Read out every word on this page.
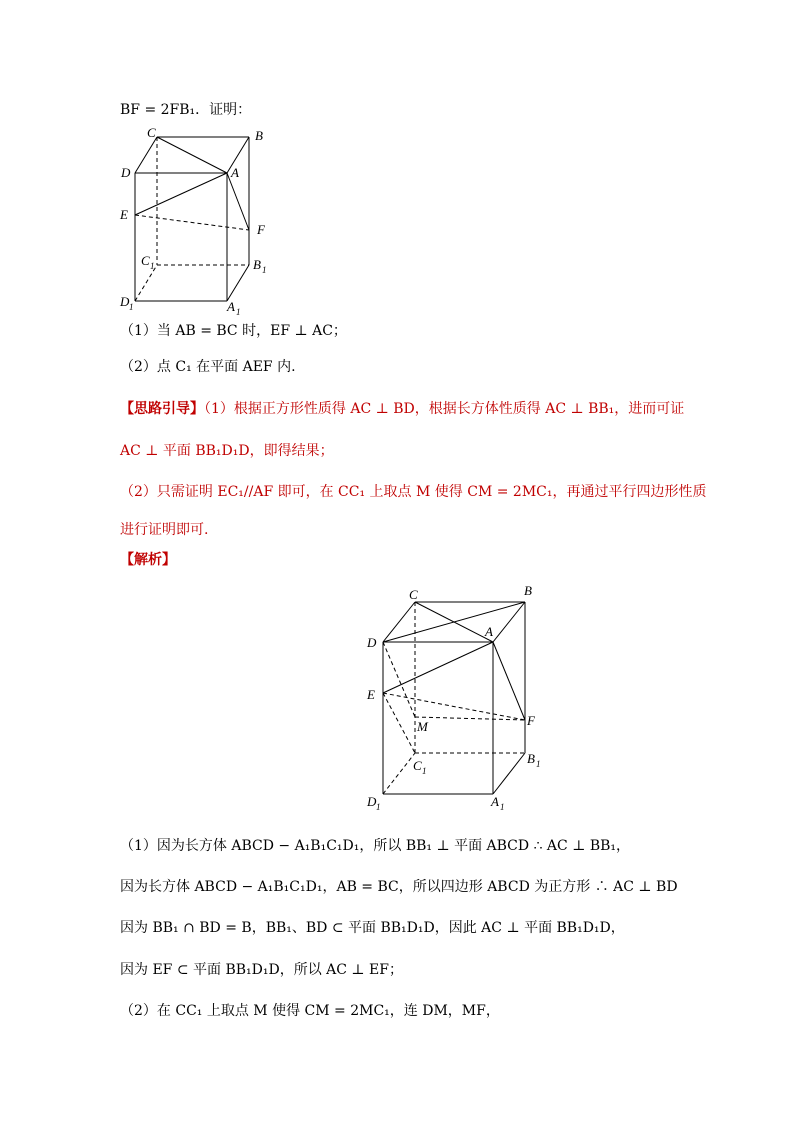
BF = 2FB₁．证明：
C	B
D	A
E
F
C 1	B 1
D 1	A 1
（1）当 AB = BC 时，EF ⊥ AC；
（2）点 C₁ 在平面 AEF 内.
【思路引导】（1）根据正方形性质得 AC ⊥ BD，根据长方体性质得 AC ⊥ BB₁，进而可证
AC ⊥ 平面 BB₁D₁D，即得结果；
（2）只需证明 EC₁//AF 即可，在 CC₁ 上取点 M 使得 CM = 2MC₁，再通过平行四边形性质
进行证明即可.
【解析】
C	B
D
A
E
F
M
C 1
B 1
D 1	A 1
（1）因为长方体 ABCD − A₁B₁C₁D₁，所以 BB₁ ⊥ 平面 ABCD ∴ AC ⊥ BB₁，
因为长方体 ABCD − A₁B₁C₁D₁，AB = BC，所以四边形 ABCD 为正方形 ∴ AC ⊥ BD
因为 BB₁ ∩ BD = B，BB₁、BD ⊂ 平面 BB₁D₁D，因此 AC ⊥ 平面 BB₁D₁D，
因为 EF ⊂ 平面 BB₁D₁D，所以 AC ⊥ EF；
（2）在 CC₁ 上取点 M 使得 CM = 2MC₁，连 DM，MF，
